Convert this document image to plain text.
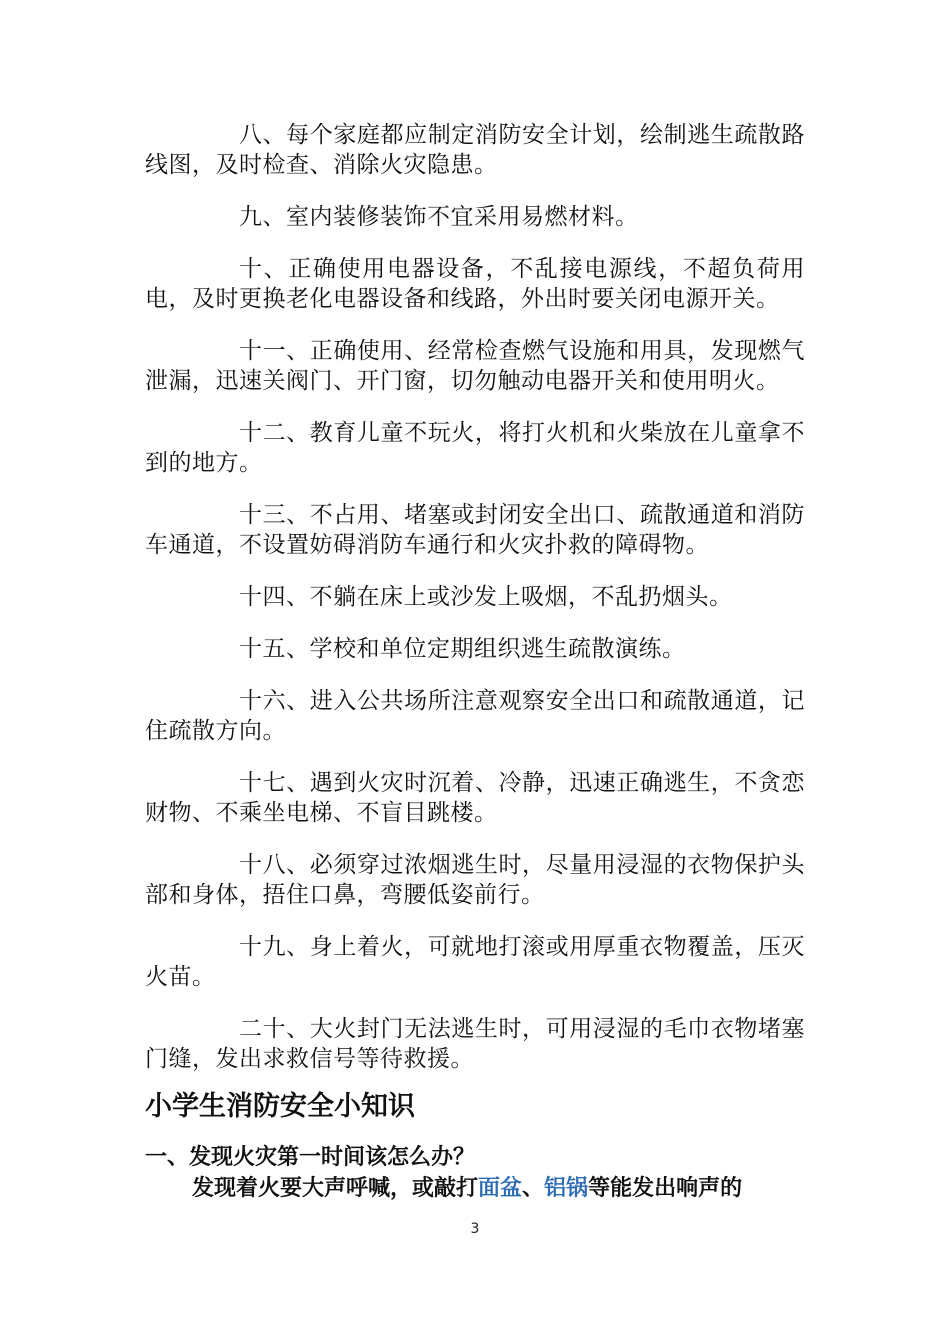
八、每个家庭都应制定消防安全计划，绘制逃生疏散路线图，及时检查、消除火灾隐患。

九、室内装修装饰不宜采用易燃材料。

十、正确使用电器设备，不乱接电源线，不超负荷用电，及时更换老化电器设备和线路，外出时要关闭电源开关。

十一、正确使用、经常检查燃气设施和用具，发现燃气泄漏，迅速关阀门、开门窗，切勿触动电器开关和使用明火。

十二、教育儿童不玩火，将打火机和火柴放在儿童拿不到的地方。

十三、不占用、堵塞或封闭安全出口、疏散通道和消防车通道，不设置妨碍消防车通行和火灾扑救的障碍物。

十四、不躺在床上或沙发上吸烟，不乱扔烟头。

十五、学校和单位定期组织逃生疏散演练。

十六、进入公共场所注意观察安全出口和疏散通道，记住疏散方向。

十七、遇到火灾时沉着、冷静，迅速正确逃生，不贪恋财物、不乘坐电梯、不盲目跳楼。

十八、必须穿过浓烟逃生时，尽量用浸湿的衣物保护头部和身体，捂住口鼻，弯腰低姿前行。

十九、身上着火，可就地打滚或用厚重衣物覆盖，压灭火苗。

二十、大火封门无法逃生时，可用浸湿的毛巾衣物堵塞门缝，发出求救信号等待救援。

小学生消防安全小知识
一、发现火灾第一时间该怎么办？

发现着火要大声呼喊，或敲打面盆、铝锅等能发出响声的

3
